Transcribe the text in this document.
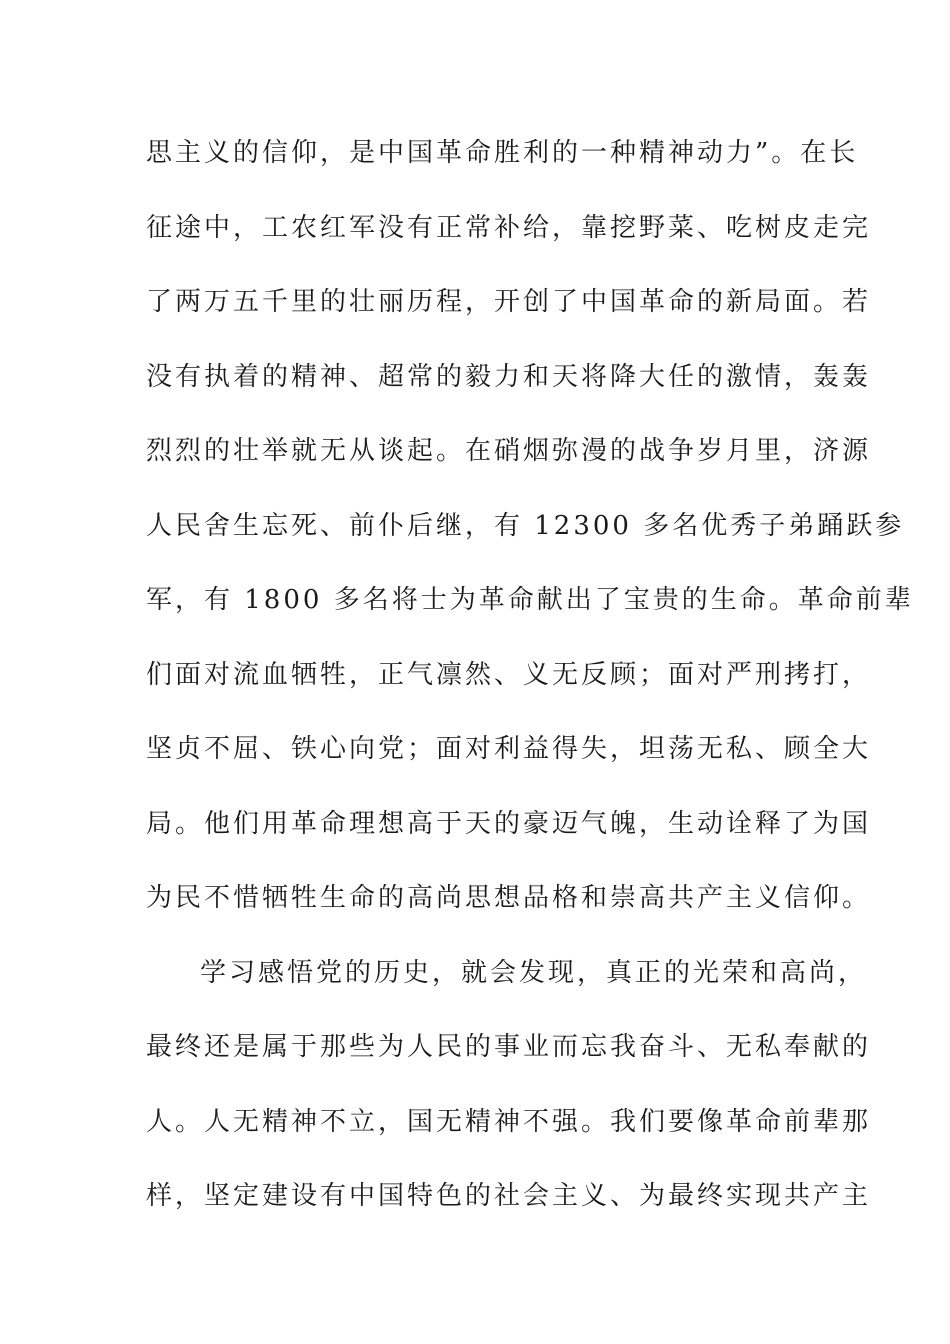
思主义的信仰，是中国革命胜利的一种精神动力”。在长
征途中，工农红军没有正常补给，靠挖野菜、吃树皮走完
了两万五千里的壮丽历程，开创了中国革命的新局面。若
没有执着的精神、超常的毅力和天将降大任的激情，轰轰
烈烈的壮举就无从谈起。在硝烟弥漫的战争岁月里，济源
人民舍生忘死、前仆后继，有 12300 多名优秀子弟踊跃参
军，有 1800 多名将士为革命献出了宝贵的生命。革命前辈
们面对流血牺牲，正气凛然、义无反顾；面对严刑拷打，
坚贞不屈、铁心向党；面对利益得失，坦荡无私、顾全大
局。他们用革命理想高于天的豪迈气魄，生动诠释了为国
为民不惜牺牲生命的高尚思想品格和崇高共产主义信仰。
学习感悟党的历史，就会发现，真正的光荣和高尚，
最终还是属于那些为人民的事业而忘我奋斗、无私奉献的
人。人无精神不立，国无精神不强。我们要像革命前辈那
样，坚定建设有中国特色的社会主义、为最终实现共产主
